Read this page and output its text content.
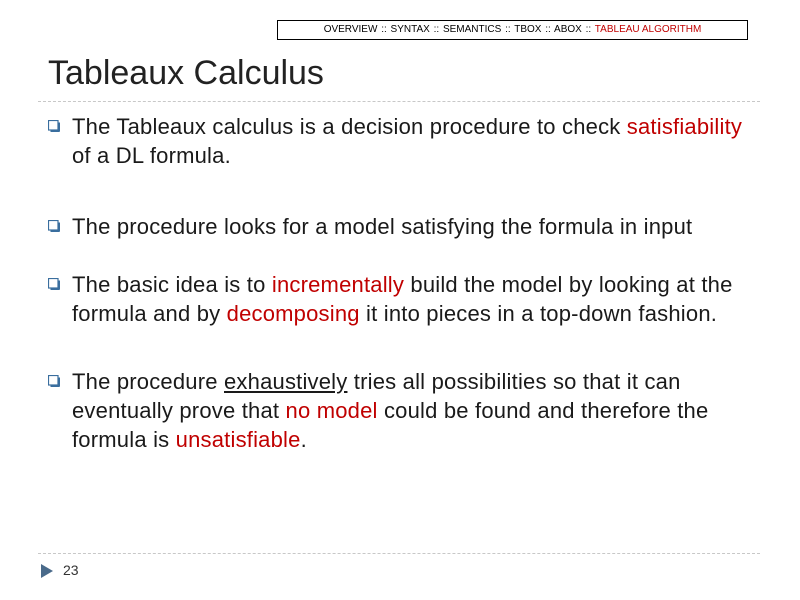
OVERVIEW :: SYNTAX :: SEMANTICS :: TBOX :: ABOX :: TABLEAU ALGORITHM
Tableaux Calculus
The Tableaux calculus is a decision procedure to check satisfiability of a DL formula.
The procedure looks for a model satisfying the formula in input
The basic idea is to incrementally build the model by looking at the formula and by decomposing it into pieces in a top-down fashion.
The procedure exhaustively tries all possibilities so that it can eventually prove that no model could be found and therefore the formula is unsatisfiable.
23
